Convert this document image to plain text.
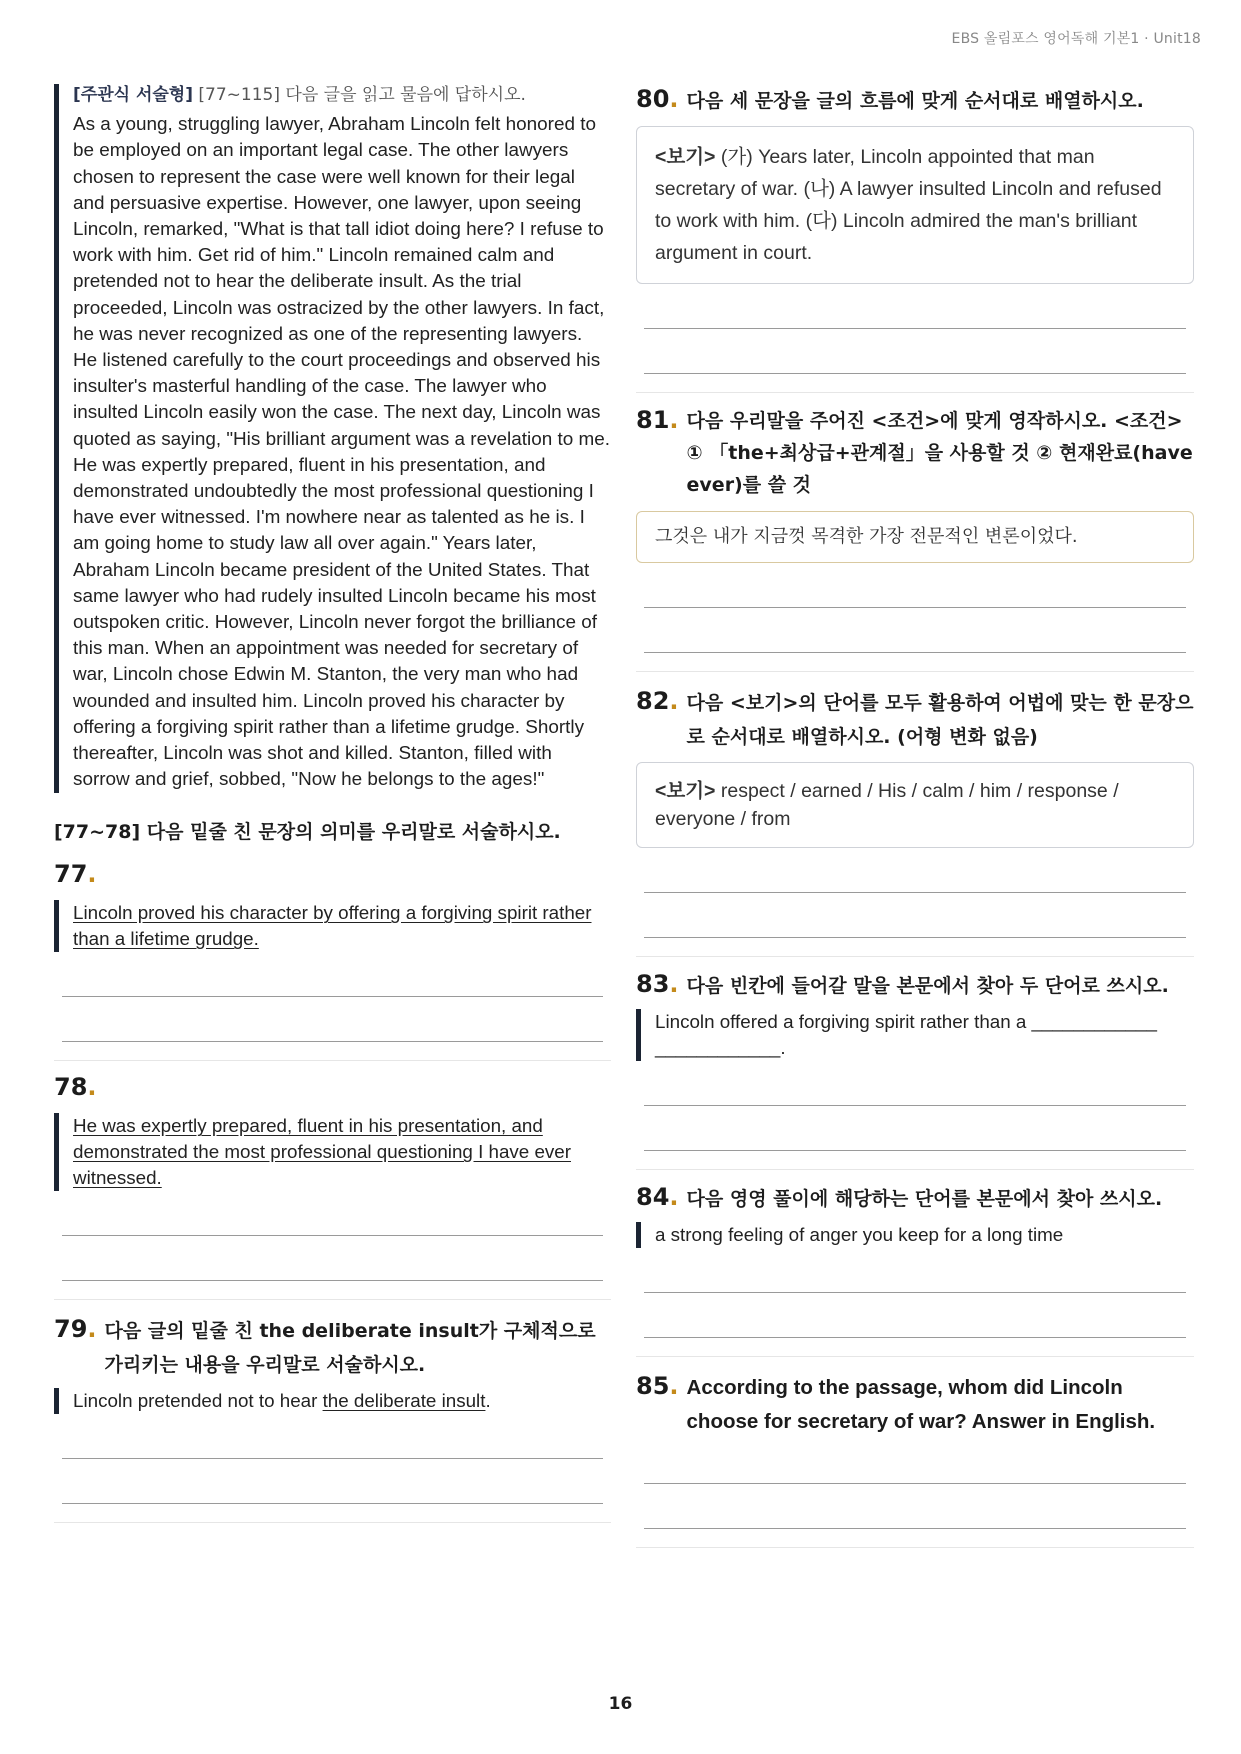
EBS 올림포스 영어독해 기본1 · Unit18
[주관식 서술형] [77~115] 다음 글을 읽고 물음에 답하시오.
As a young, struggling lawyer, Abraham Lincoln felt honored to be employed on an important legal case. The other lawyers chosen to represent the case were well known for their legal and persuasive expertise. However, one lawyer, upon seeing Lincoln, remarked, "What is that tall idiot doing here? I refuse to work with him. Get rid of him." Lincoln remained calm and pretended not to hear the deliberate insult. As the trial proceeded, Lincoln was ostracized by the other lawyers. In fact, he was never recognized as one of the representing lawyers. He listened carefully to the court proceedings and observed his insulter's masterful handling of the case. The lawyer who insulted Lincoln easily won the case. The next day, Lincoln was quoted as saying, "His brilliant argument was a revelation to me. He was expertly prepared, fluent in his presentation, and demonstrated undoubtedly the most professional questioning I have ever witnessed. I'm nowhere near as talented as he is. I am going home to study law all over again." Years later, Abraham Lincoln became president of the United States. That same lawyer who had rudely insulted Lincoln became his most outspoken critic. However, Lincoln never forgot the brilliance of this man. When an appointment was needed for secretary of war, Lincoln chose Edwin M. Stanton, the very man who had wounded and insulted him. Lincoln proved his character by offering a forgiving spirit rather than a lifetime grudge. Shortly thereafter, Lincoln was shot and killed. Stanton, filled with sorrow and grief, sobbed, "Now he belongs to the ages!"
[77~78] 다음 밑줄 친 문장의 의미를 우리말로 서술하시오.
77.
Lincoln proved his character by offering a forgiving spirit rather than a lifetime grudge.
78.
He was expertly prepared, fluent in his presentation, and demonstrated the most professional questioning I have ever witnessed.
79. 다음 글의 밑줄 친 the deliberate insult가 구체적으로 가리키는 내용을 우리말로 서술하시오.
Lincoln pretended not to hear the deliberate insult.
80. 다음 세 문장을 글의 흐름에 맞게 순서대로 배열하시오.
<보기> (가) Years later, Lincoln appointed that man secretary of war. (나) A lawyer insulted Lincoln and refused to work with him. (다) Lincoln admired the man's brilliant argument in court.
81. 다음 우리말을 주어진 <조건>에 맞게 영작하시오. <조건> ① 「the+최상급+관계절」을 사용할 것 ② 현재완료(have ever)를 쓸 것
그것은 내가 지금껏 목격한 가장 전문적인 변론이었다.
82. 다음 <보기>의 단어를 모두 활용하여 어법에 맞는 한 문장으로 순서대로 배열하시오. (어형 변화 없음)
<보기> respect / earned / His / calm / him / response / everyone / from
83. 다음 빈칸에 들어갈 말을 본문에서 찾아 두 단어로 쓰시오.
Lincoln offered a forgiving spirit rather than a ____________ ____________.
84. 다음 영영 풀이에 해당하는 단어를 본문에서 찾아 쓰시오.
a strong feeling of anger you keep for a long time
85. According to the passage, whom did Lincoln choose for secretary of war? Answer in English.
16
